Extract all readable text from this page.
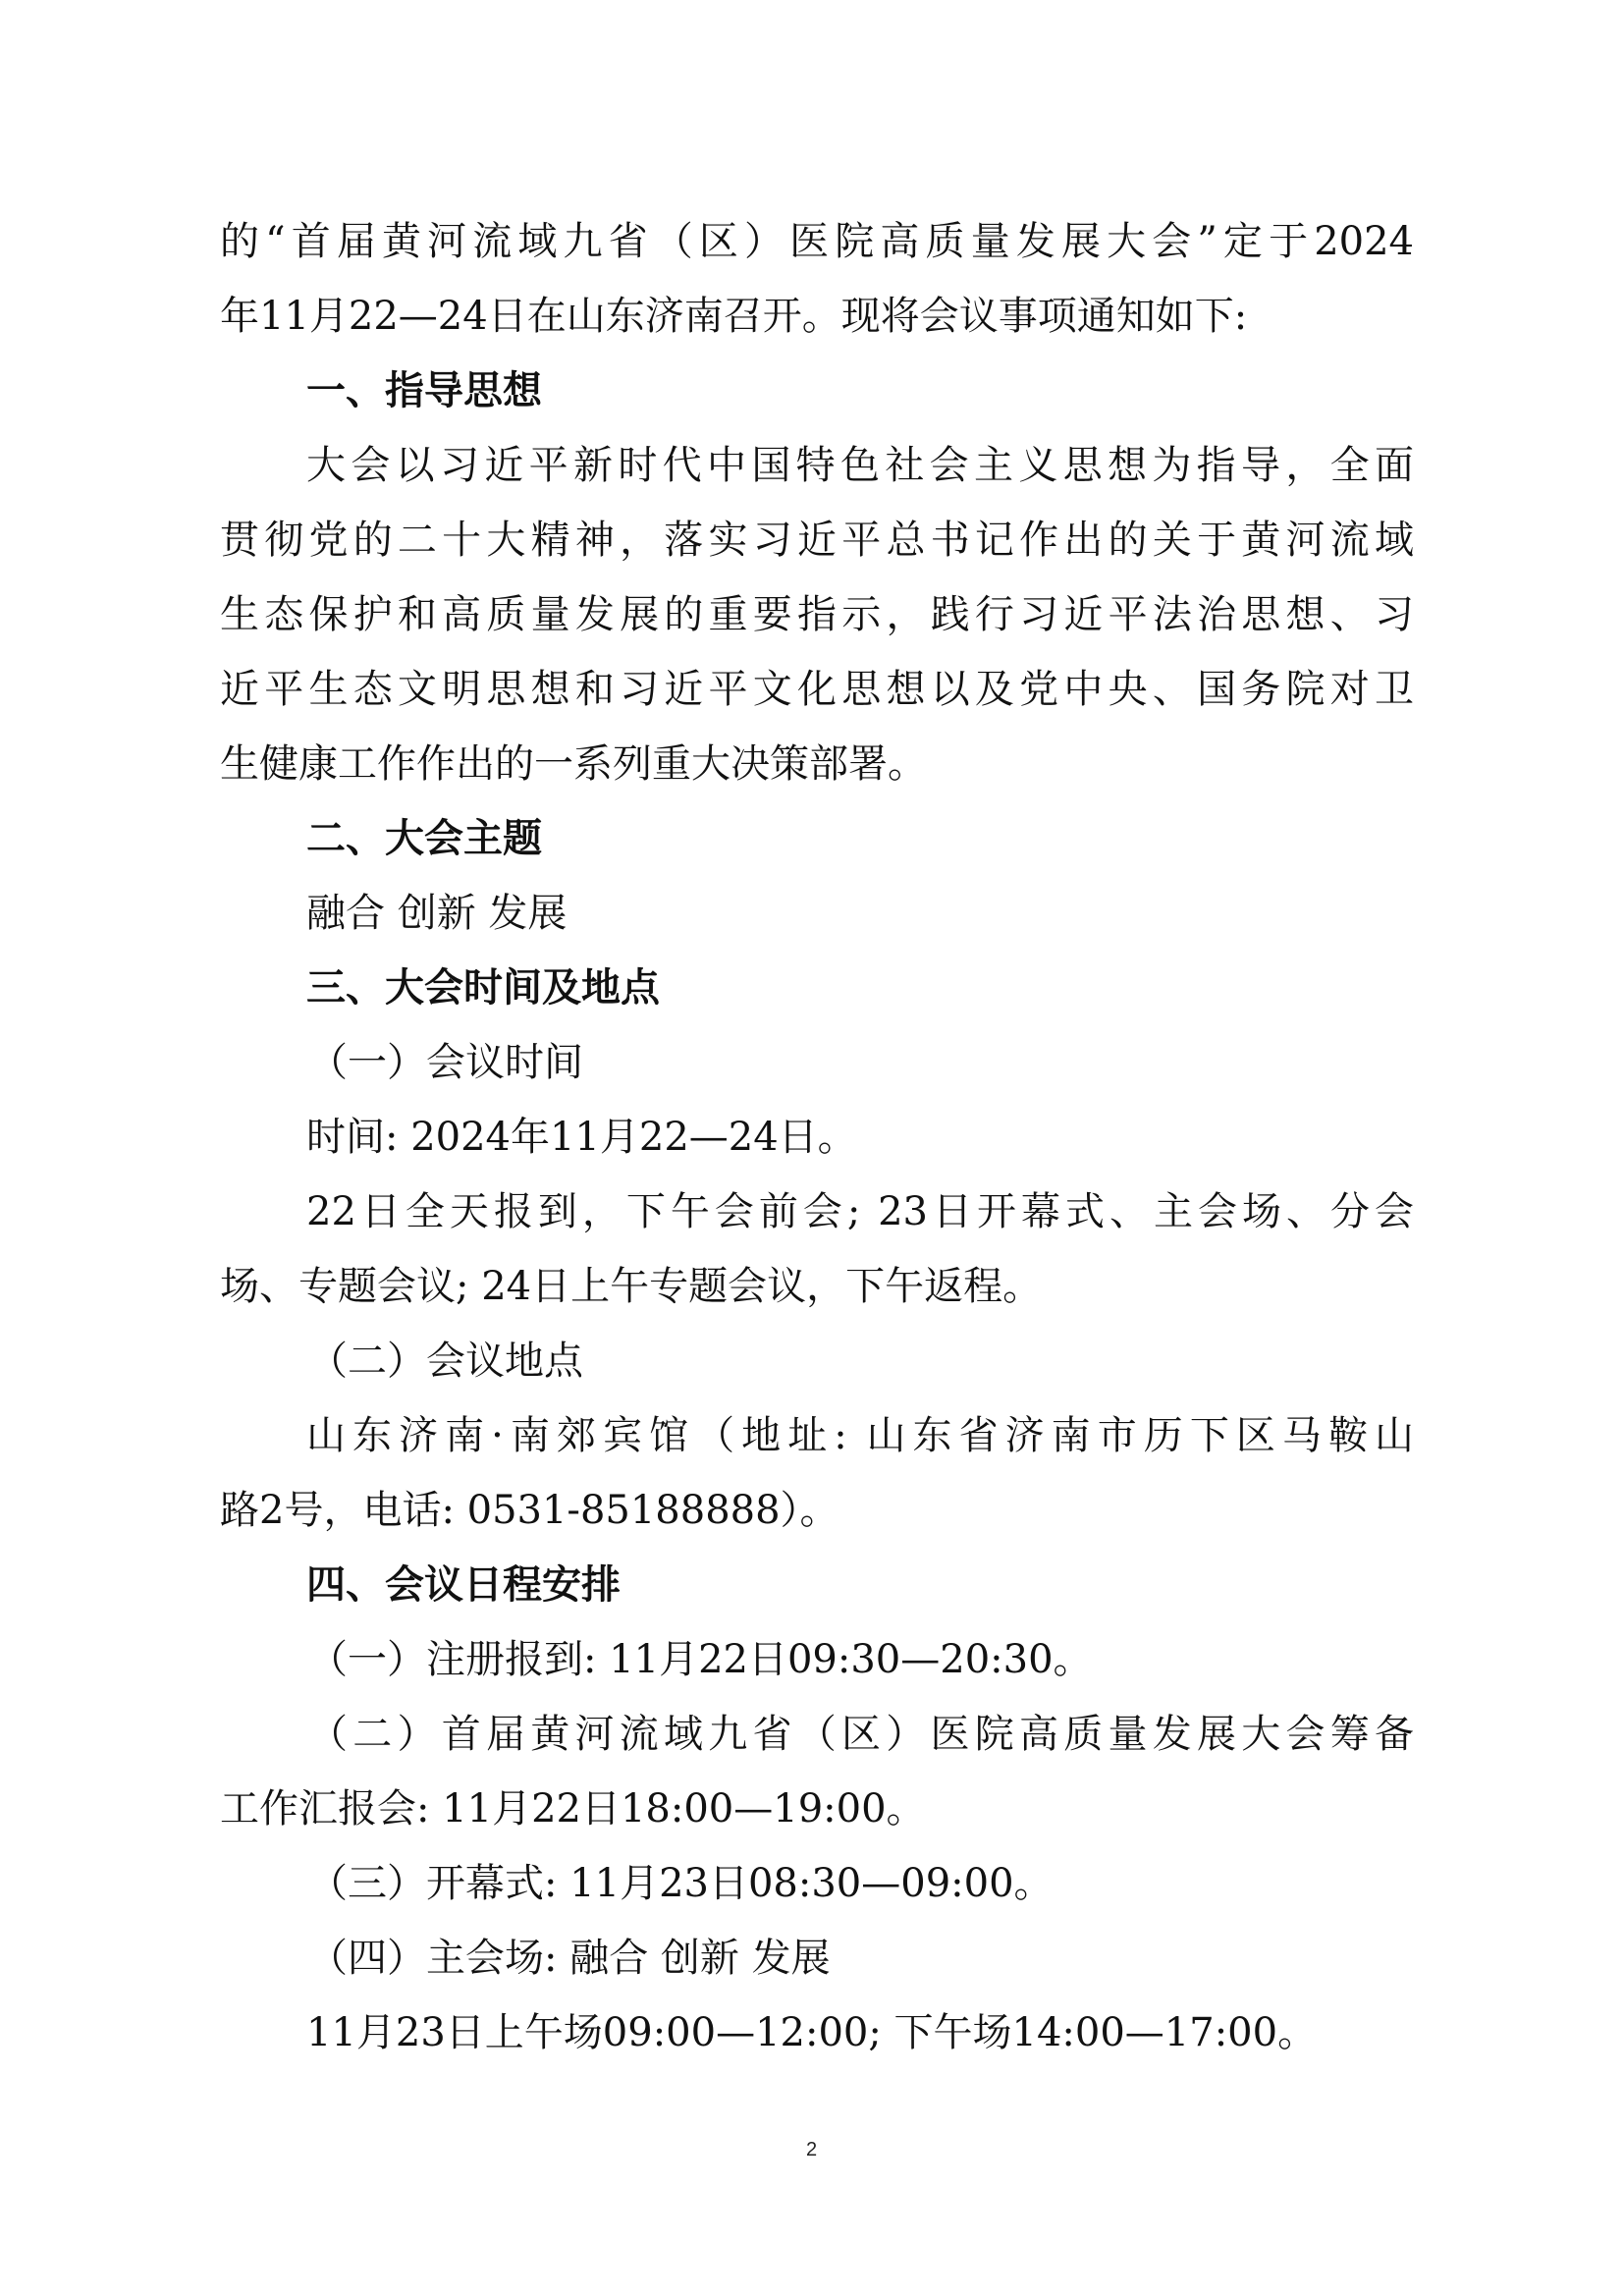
的“首届黄河流域九省（区）医院高质量发展大会”定于2024
年11月22—24日在山东济南召开。现将会议事项通知如下:
一、指导思想
大会以习近平新时代中国特色社会主义思想为指导，全面
贯彻党的二十大精神，落实习近平总书记作出的关于黄河流域
生态保护和高质量发展的重要指示，践行习近平法治思想、习
近平生态文明思想和习近平文化思想以及党中央、国务院对卫
生健康工作作出的一系列重大决策部署。
二、大会主题
融合 创新 发展
三、大会时间及地点
（一）会议时间
时间: 2024年11月22—24日。
22日全天报到，下午会前会; 23日开幕式、主会场、分会
场、专题会议; 24日上午专题会议，下午返程。
（二）会议地点
山东济南·南郊宾馆（地址: 山东省济南市历下区马鞍山
路2号，电话: 0531-85188888）。
四、会议日程安排
（一）注册报到: 11月22日09:30—20:30。
（二）首届黄河流域九省（区）医院高质量发展大会筹备
工作汇报会: 11月22日18:00—19:00。
（三）开幕式: 11月23日08:30—09:00。
（四）主会场: 融合 创新 发展
11月23日上午场09:00—12:00; 下午场14:00—17:00。
2
